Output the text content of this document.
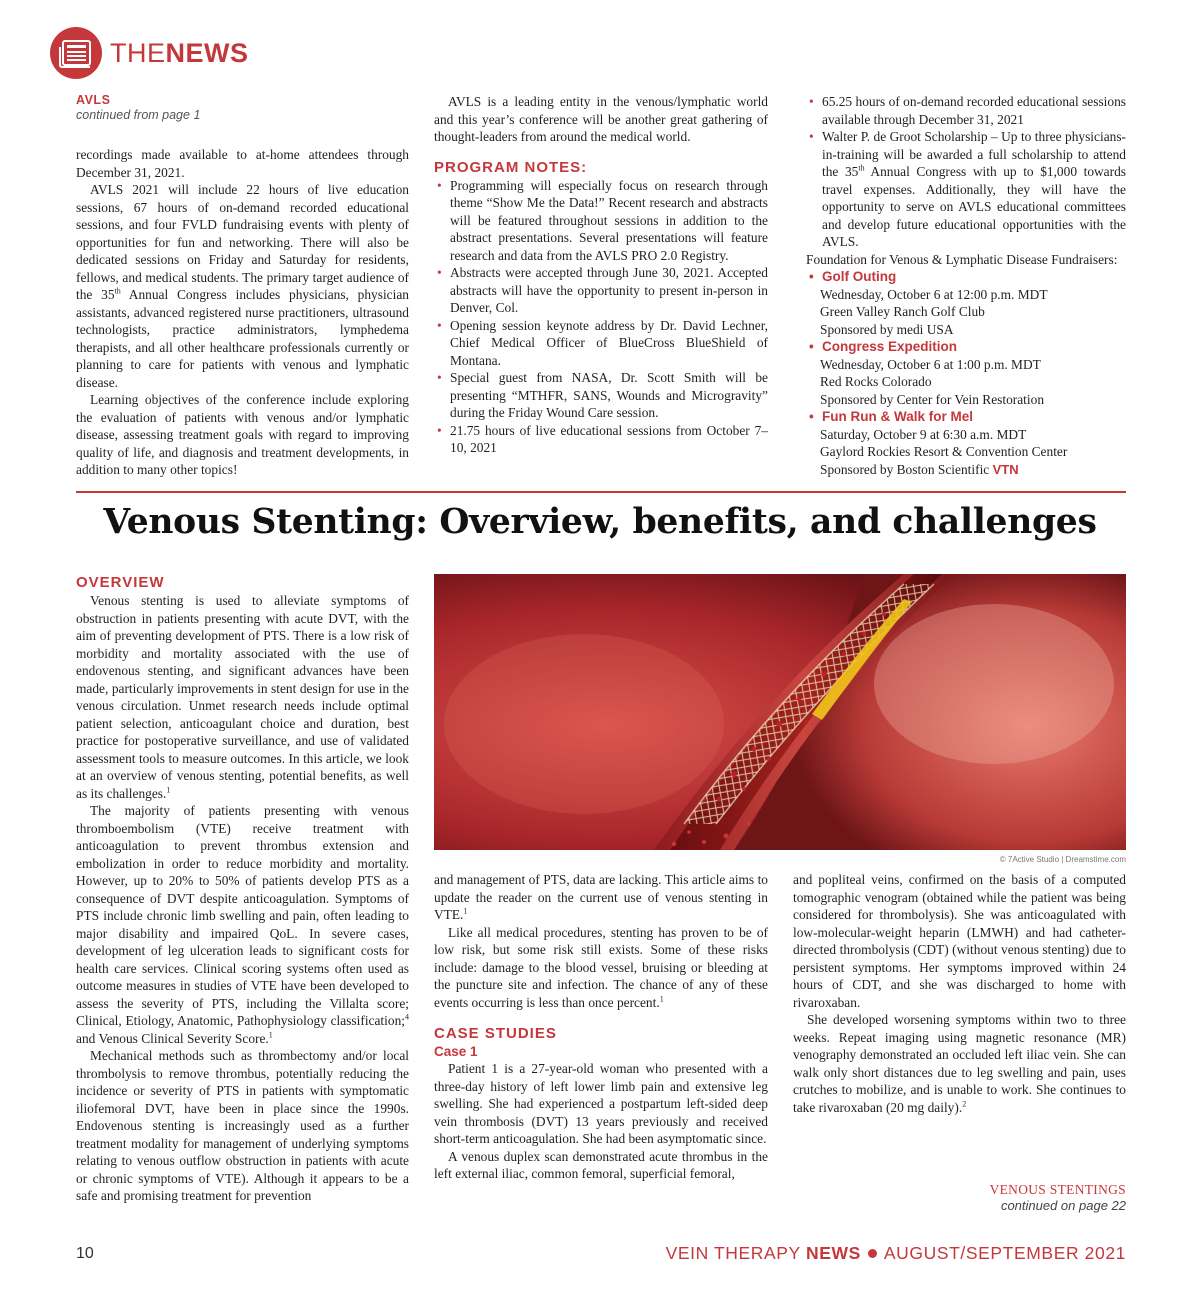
THENEWS
AVLS
continued from page 1

recordings made available to at-home attendees through December 31, 2021.

AVLS 2021 will include 22 hours of live education sessions, 67 hours of on-demand recorded educational sessions, and four FVLD fundraising events with plenty of opportunities for fun and networking. There will also be dedicated sessions on Friday and Saturday for residents, fellows, and medical students. The primary target audience of the 35th Annual Congress includes physicians, physician assistants, advanced registered nurse practitioners, ultrasound technologists, practice administrators, lymphedema therapists, and all other healthcare professionals currently or planning to care for patients with venous and lymphatic disease.

Learning objectives of the conference include exploring the evaluation of patients with venous and/or lymphatic disease, assessing treatment goals with regard to improving quality of life, and diagnosis and treatment developments, in addition to many other topics!

AVLS is a leading entity in the venous/lymphatic world and this year’s conference will be another great gathering of thought-leaders from around the medical world.

PROGRAM NOTES:
• Programming will especially focus on research through theme “Show Me the Data!” Recent research and abstracts will be featured throughout sessions in addition to the abstract presentations. Several presentations will feature research and data from the AVLS PRO 2.0 Registry.
• Abstracts were accepted through June 30, 2021. Accepted abstracts will have the opportunity to present in-person in Denver, Col.
• Opening session keynote address by Dr. David Lechner, Chief Medical Officer of BlueCross BlueShield of Montana.
• Special guest from NASA, Dr. Scott Smith will be presenting “MTHFR, SANS, Wounds and Microgravity” during the Friday Wound Care session.
• 21.75 hours of live educational sessions from October 7–10, 2021
• 65.25 hours of on-demand recorded educational sessions available through December 31, 2021
• Walter P. de Groot Scholarship – Up to three physicians-in-training will be awarded a full scholarship to attend the 35th Annual Congress with up to $1,000 towards travel expenses. Additionally, they will have the opportunity to serve on AVLS educational committees and develop future educational opportunities with the AVLS.

Foundation for Venous & Lymphatic Disease Fundraisers:

• Golf Outing
Wednesday, October 6 at 12:00 p.m. MDT
Green Valley Ranch Golf Club
Sponsored by medi USA
• Congress Expedition
Wednesday, October 6 at 1:00 p.m. MDT
Red Rocks Colorado
Sponsored by Center for Vein Restoration
• Fun Run & Walk for Mel
Saturday, October 9 at 6:30 a.m. MDT
Gaylord Rockies Resort & Convention Center
Sponsored by Boston Scientific VTN
Venous Stenting: Overview, benefits, and challenges
OVERVIEW

Venous stenting is used to alleviate symptoms of obstruction in patients presenting with acute DVT, with the aim of preventing development of PTS. There is a low risk of morbidity and mortality associated with the use of endovenous stenting, and significant advances have been made, particularly improvements in stent design for use in the venous circulation. Unmet research needs include optimal patient selection, anticoagulant choice and duration, best practice for postoperative surveillance, and use of validated assessment tools to measure outcomes. In this article, we look at an overview of venous stenting, potential benefits, as well as its challenges.$^1$

The majority of patients presenting with venous thromboembolism (VTE) receive treatment with anticoagulation to prevent thrombus extension and embolization in order to reduce morbidity and mortality. However, up to 20% to 50% of patients develop PTS as a consequence of DVT despite anticoagulation. Symptoms of PTS include chronic limb swelling and pain, often leading to major disability and impaired QoL. In severe cases, development of leg ulceration leads to significant costs for health care services. Clinical scoring systems often used as outcome measures in studies of VTE have been developed to assess the severity of PTS, including the Villalta score; Clinical, Etiology, Anatomic, Pathophysiology classification;$^4$ and Venous Clinical Severity Score.$^1$

Mechanical methods such as thrombectomy and/or local thrombolysis to remove thrombus, potentially reducing the incidence or severity of PTS in patients with symptomatic iliofemoral DVT, have been in place since the 1990s. Endovenous stenting is increasingly used as a further treatment modality for management of underlying symptoms relating to venous outflow obstruction in patients with acute or chronic symptoms of VTE). Although it appears to be a safe and promising treatment for prevention

© 7Active Studio | Dreamstime.com

and management of PTS, data are lacking. This article aims to update the reader on the current use of venous stenting in VTE.$^1$

Like all medical procedures, stenting has proven to be of low risk, but some risk still exists. Some of these risks include: damage to the blood vessel, bruising or bleeding at the puncture site and infection. The chance of any of these events occurring is less than once percent.$^1$

CASE STUDIES
Case 1

Patient 1 is a 27-year-old woman who presented with a three-day history of left lower limb pain and extensive leg swelling. She had experienced a postpartum left-sided deep vein thrombosis (DVT) 13 years previously and received short-term anticoagulation. She had been asymptomatic since.

A venous duplex scan demonstrated acute thrombus in the left external iliac, common femoral, superficial femoral,

and popliteal veins, confirmed on the basis of a computed tomographic venogram (obtained while the patient was being considered for thrombolysis). She was anticoagulated with low-molecular-weight heparin (LMWH) and had catheter-directed thrombolysis (CDT) (without venous stenting) due to persistent symptoms. Her symptoms improved within 24 hours of CDT, and she was discharged to home with rivaroxaban.

She developed worsening symptoms within two to three weeks. Repeat imaging using magnetic resonance (MR) venography demonstrated an occluded left iliac vein. She can walk only short distances due to leg swelling and pain, uses crutches to mobilize, and is unable to work. She continues to take rivaroxaban (20 mg daily).$^2$

VENOUS STENTINGS
continued on page 22
10	VEIN THERAPY NEWS AUGUST/SEPTEMBER 2021
